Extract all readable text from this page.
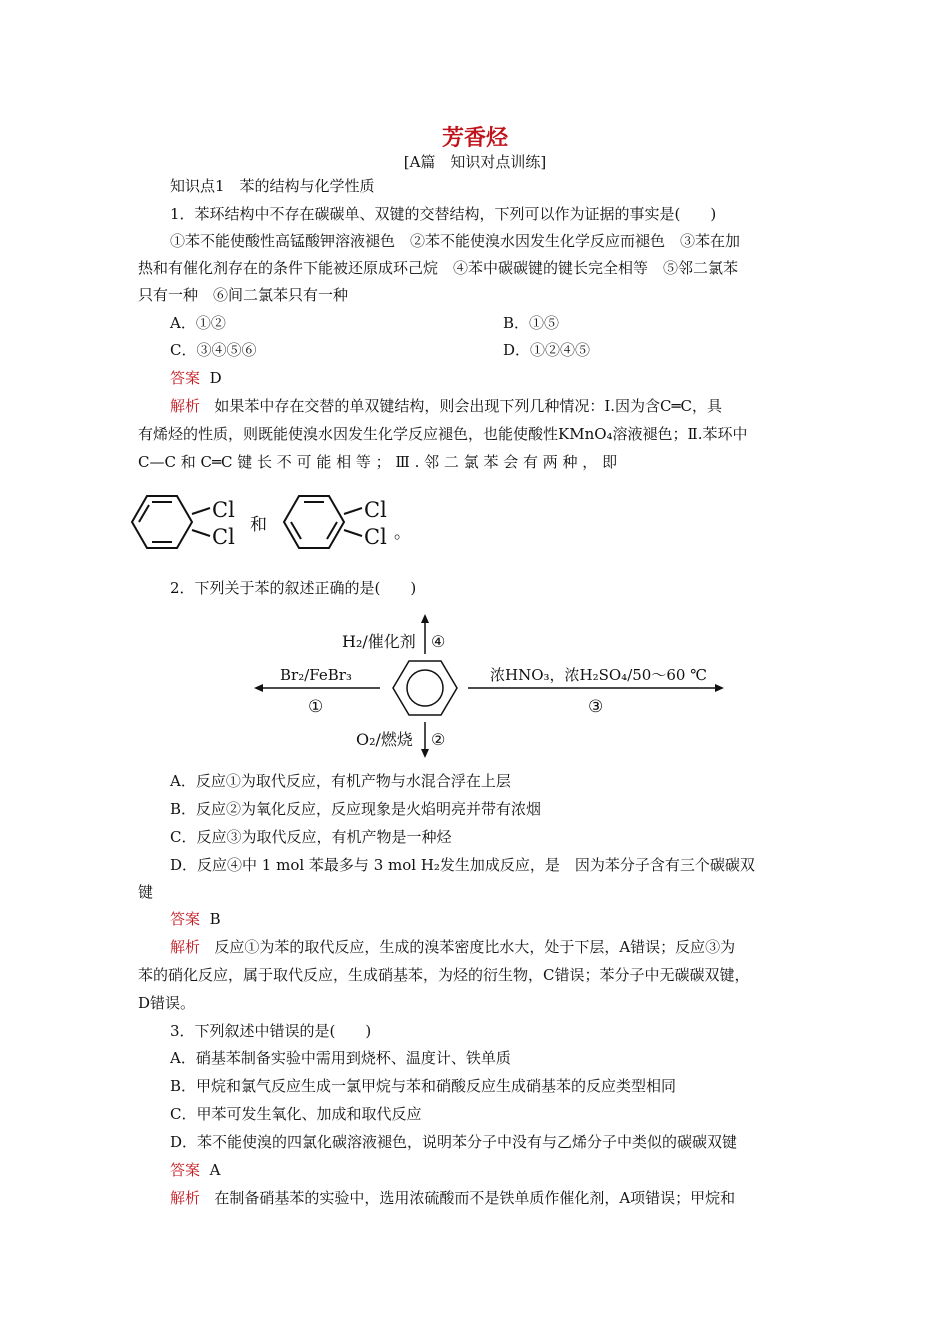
芳香烃
[A篇　知识对点训练]
知识点1　苯的结构与化学性质
1．苯环结构中不存在碳碳单、双键的交替结构，下列可以作为证据的事实是(　　)
①苯不能使酸性高锰酸钾溶液褪色　②苯不能使溴水因发生化学反应而褪色　③苯在加
热和有催化剂存在的条件下能被还原成环己烷　④苯中碳碳键的键长完全相等　⑤邻二氯苯
只有一种　⑥间二氯苯只有一种
A．①②	B．①⑤
C．③④⑤⑥	D．①②④⑤
答案 D
解析 如果苯中存在交替的单双键结构，则会出现下列几种情况：Ⅰ.因为含C═C，具
有烯烃的性质，则既能使溴水因发生化学反应褪色，也能使酸性KMnO₄溶液褪色；Ⅱ.苯环中
C—C 和 C═C 键 长 不 可 能 相 等 ； Ⅲ . 邻 二 氯 苯 会 有 两 种 ， 即
Cl
Cl 和
Cl
Cl 。
2．下列关于苯的叙述正确的是(　　)
H₂/催化剂 ④
Br₂/FeBr₃
①
浓HNO₃，浓H₂SO₄/50～60 ℃
③
O₂/燃烧 ②
A．反应①为取代反应，有机产物与水混合浮在上层
B．反应②为氧化反应，反应现象是火焰明亮并带有浓烟
C．反应③为取代反应，有机产物是一种烃
D．反应④中 1 mol 苯最多与 3 mol H₂发生加成反应，是　因为苯分子含有三个碳碳双
键
答案 B
解析 反应①为苯的取代反应，生成的溴苯密度比水大，处于下层，A错误；反应③为
苯的硝化反应，属于取代反应，生成硝基苯，为烃的衍生物，C错误；苯分子中无碳碳双键，
D错误。
3．下列叙述中错误的是(　　)
A．硝基苯制备实验中需用到烧杯、温度计、铁单质
B．甲烷和氯气反应生成一氯甲烷与苯和硝酸反应生成硝基苯的反应类型相同
C．甲苯可发生氧化、加成和取代反应
D．苯不能使溴的四氯化碳溶液褪色，说明苯分子中没有与乙烯分子中类似的碳碳双键
答案 A
解析 在制备硝基苯的实验中，选用浓硫酸而不是铁单质作催化剂，A项错误；甲烷和
